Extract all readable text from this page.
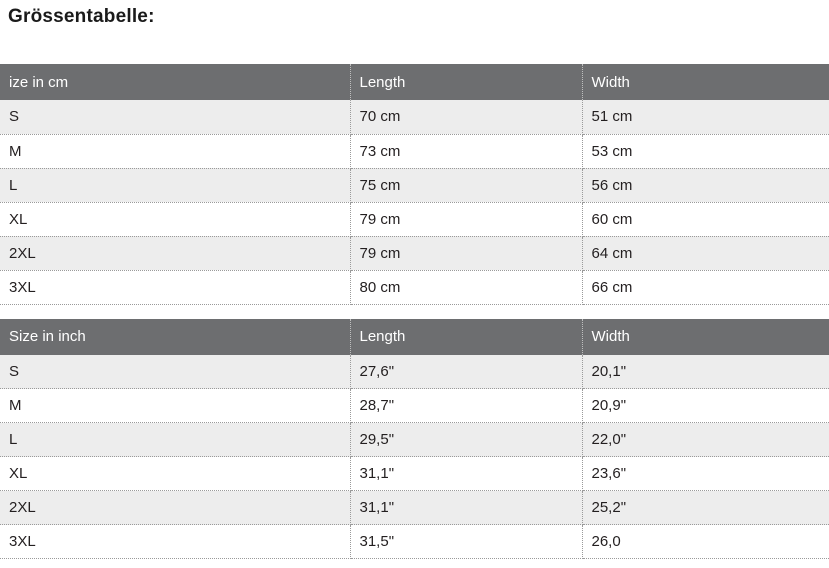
Grössentabelle:
ize in cm	Length	Width
S	70 cm	51 cm
M	73 cm	53 cm
L	75 cm	56 cm
XL	79 cm	60 cm
2XL	79 cm	64 cm
3XL	80 cm	66 cm
Size in inch	Length	Width
S	27,6"	20,1"
M	28,7"	20,9"
L	29,5"	22,0"
XL	31,1"	23,6"
2XL	31,1"	25,2"
3XL	31,5"	26,0
